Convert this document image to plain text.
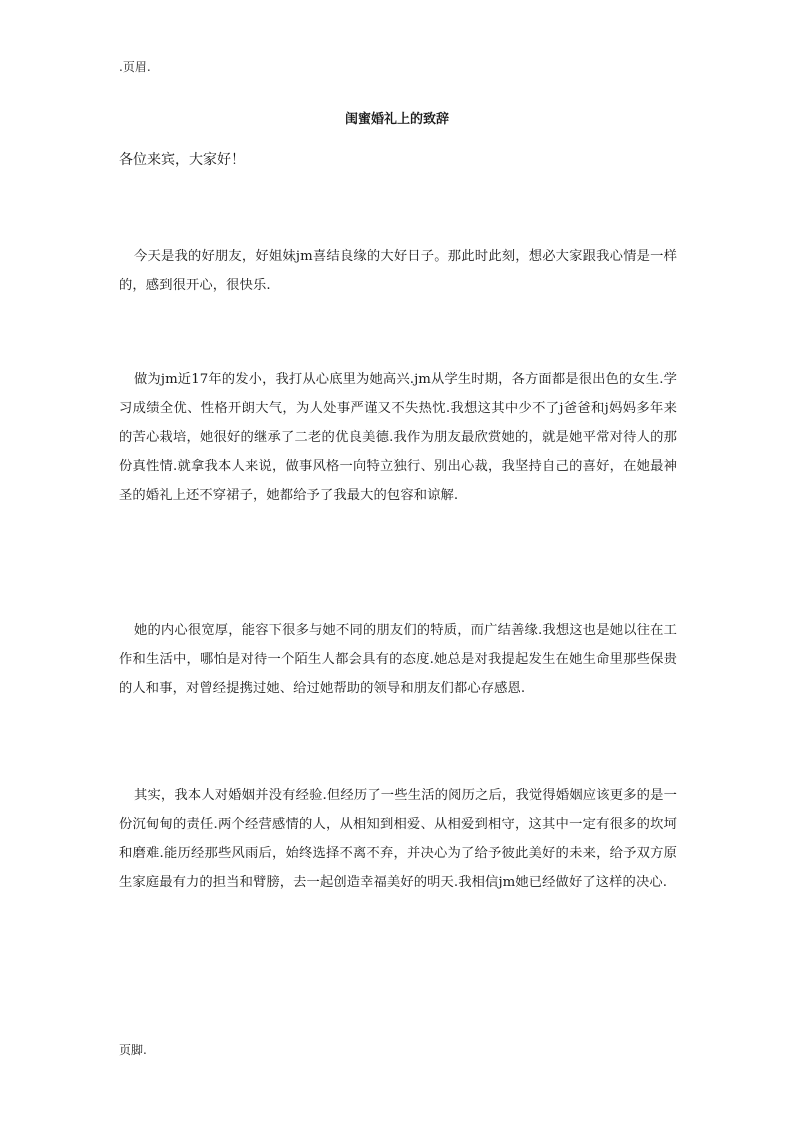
.页眉.
闺蜜婚礼上的致辞
各位来宾，大家好！

今天是我的好朋友，好姐妹jm喜结良缘的大好日子。那此时此刻，想必大家跟我心情是一样的，感到很开心，很快乐.

做为jm近17年的发小，我打从心底里为她高兴.jm从学生时期，各方面都是很出色的女生.学习成绩全优、性格开朗大气，为人处事严谨又不失热忱.我想这其中少不了j爸爸和j妈妈多年来的苦心栽培，她很好的继承了二老的优良美德.我作为朋友最欣赏她的，就是她平常对待人的那份真性情.就拿我本人来说，做事风格一向特立独行、别出心裁，我坚持自己的喜好，在她最神圣的婚礼上还不穿裙子，她都给予了我最大的包容和谅解.

她的内心很宽厚，能容下很多与她不同的朋友们的特质，而广结善缘.我想这也是她以往在工作和生活中，哪怕是对待一个陌生人都会具有的态度.她总是对我提起发生在她生命里那些保贵的人和事，对曾经提携过她、给过她帮助的领导和朋友们都心存感恩.

其实，我本人对婚姻并没有经验.但经历了一些生活的阅历之后，我觉得婚姻应该更多的是一份沉甸甸的责任.两个经营感情的人，从相知到相爱、从相爱到相守，这其中一定有很多的坎坷和磨难.能历经那些风雨后，始终选择不离不弃，并决心为了给予彼此美好的未来，给予双方原生家庭最有力的担当和臂膀，去一起创造幸福美好的明天.我相信jm她已经做好了这样的决心.

页脚.
